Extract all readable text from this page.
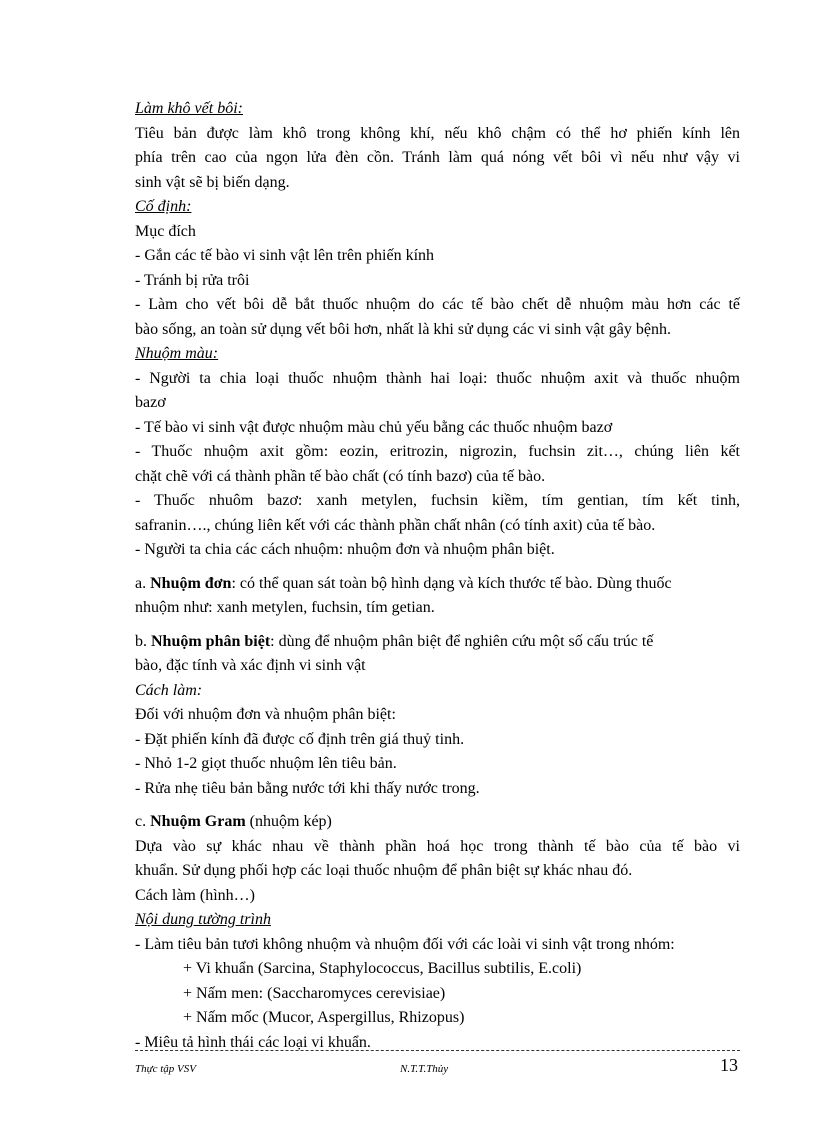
Làm khô vết bôi:
Tiêu bản được làm khô trong không khí, nếu khô chậm có thể hơ phiến kính lên
phía trên cao của ngọn lửa đèn cồn. Tránh làm quá nóng vết bôi vì nếu như vậy vi
sinh vật sẽ bị biến dạng.
Cố định:
Mục đích
- Gắn các tế bào vi sinh vật lên trên phiến kính
- Tránh bị rửa trôi
- Làm cho vết bôi dễ bắt thuốc nhuộm do các tế bào chết dễ nhuộm màu hơn các tế
bào sống, an toàn sử dụng vết bôi hơn, nhất là khi sử dụng các vi sinh vật gây bệnh.
Nhuộm màu:
- Người ta chia loại thuốc nhuộm thành hai loại: thuốc nhuộm axit và thuốc nhuộm
bazơ
- Tế bào vi sinh vật được nhuộm màu chủ yếu bằng các thuốc nhuộm bazơ
- Thuốc nhuộm axit gồm: eozin, eritrozin, nigrozin, fuchsin zit…, chúng liên kết
chặt chẽ với cá thành phần tế bào chất (có tính bazơ) của tế bào.
- Thuốc nhuôm bazơ: xanh metylen, fuchsin kiềm, tím gentian, tím kết tinh,
safranin…., chúng liên kết với các thành phần chất nhân (có tính axit) của tế bào.
- Người ta chia các cách nhuộm: nhuộm đơn và nhuộm phân biệt.
a. Nhuộm đơn: có thể quan sát toàn bộ hình dạng và kích thước tế bào. Dùng thuốc
nhuộm như: xanh metylen, fuchsin, tím getian.
b. Nhuộm phân biệt: dùng để nhuộm phân biệt để nghiên cứu một số cấu trúc tế
bào, đặc tính và xác định vi sinh vật
Cách làm:
Đối với nhuộm đơn và nhuộm phân biệt:
- Đặt phiến kính đã được cố định trên giá thuỷ tinh.
- Nhỏ 1-2 giọt thuốc nhuộm lên tiêu bản.
- Rửa nhẹ tiêu bản bằng nước tới khi thấy nước trong.
c. Nhuộm Gram (nhuộm kép)
Dựa vào sự khác nhau về thành phần hoá học trong thành tế bào của tế bào vi
khuẩn. Sử dụng phối hợp các loại thuốc nhuộm để phân biệt sự khác nhau đó.
Cách làm (hình…)
Nội dung tường trình
- Làm tiêu bản tươi không nhuộm và nhuộm đối với các loài vi sinh vật trong nhóm:
+ Vi khuẩn (Sarcina, Staphylococcus, Bacillus subtilis, E.coli)
+ Nấm men: (Saccharomyces cerevisiae)
+ Nấm mốc (Mucor, Aspergillus, Rhizopus)
- Miêu tả hình thái các loại vi khuẩn.
Thực tập VSV	N.T.T.Thủy	13
